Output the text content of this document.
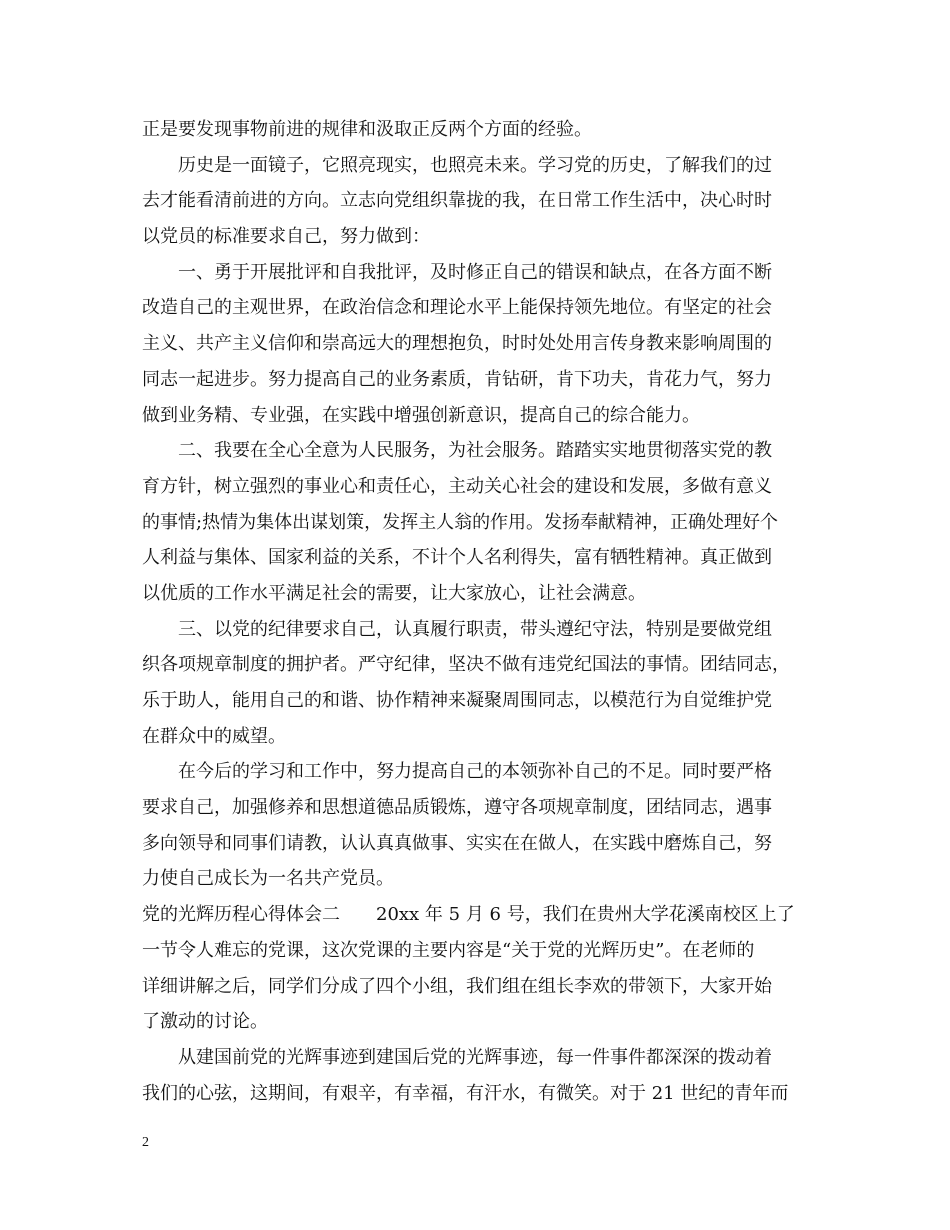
正是要发现事物前进的规律和汲取正反两个方面的经验。
　　历史是一面镜子，它照亮现实，也照亮未来。学习党的历史，了解我们的过
去才能看清前进的方向。立志向党组织靠拢的我，在日常工作生活中，决心时时
以党员的标准要求自己，努力做到：
　　一、勇于开展批评和自我批评，及时修正自己的错误和缺点，在各方面不断
改造自己的主观世界，在政治信念和理论水平上能保持领先地位。有坚定的社会
主义、共产主义信仰和崇高远大的理想抱负，时时处处用言传身教来影响周围的
同志一起进步。努力提高自己的业务素质，肯钻研，肯下功夫，肯花力气，努力
做到业务精、专业强，在实践中增强创新意识，提高自己的综合能力。
　　二、我要在全心全意为人民服务，为社会服务。踏踏实实地贯彻落实党的教
育方针，树立强烈的事业心和责任心，主动关心社会的建设和发展，多做有意义
的事情;热情为集体出谋划策，发挥主人翁的作用。发扬奉献精神，正确处理好个
人利益与集体、国家利益的关系，不计个人名利得失，富有牺牲精神。真正做到
以优质的工作水平满足社会的需要，让大家放心，让社会满意。
　　三、以党的纪律要求自己，认真履行职责，带头遵纪守法，特别是要做党组
织各项规章制度的拥护者。严守纪律，坚决不做有违党纪国法的事情。团结同志，
乐于助人，能用自己的和谐、协作精神来凝聚周围同志，以模范行为自觉维护党
在群众中的威望。
　　在今后的学习和工作中，努力提高自己的本领弥补自己的不足。同时要严格
要求自己，加强修养和思想道德品质锻炼，遵守各项规章制度，团结同志，遇事
多向领导和同事们请教，认认真真做事、实实在在做人，在实践中磨炼自己，努
力使自己成长为一名共产党员。
党的光辉历程心得体会二　　20xx 年 5 月 6 号，我们在贵州大学花溪南校区上了
一节令人难忘的党课，这次党课的主要内容是“关于党的光辉历史”。在老师的
详细讲解之后，同学们分成了四个小组，我们组在组长李欢的带领下，大家开始
了激动的讨论。
　　从建国前党的光辉事迹到建国后党的光辉事迹，每一件事件都深深的拨动着
我们的心弦，这期间，有艰辛，有幸福，有汗水，有微笑。对于 21 世纪的青年而
2
